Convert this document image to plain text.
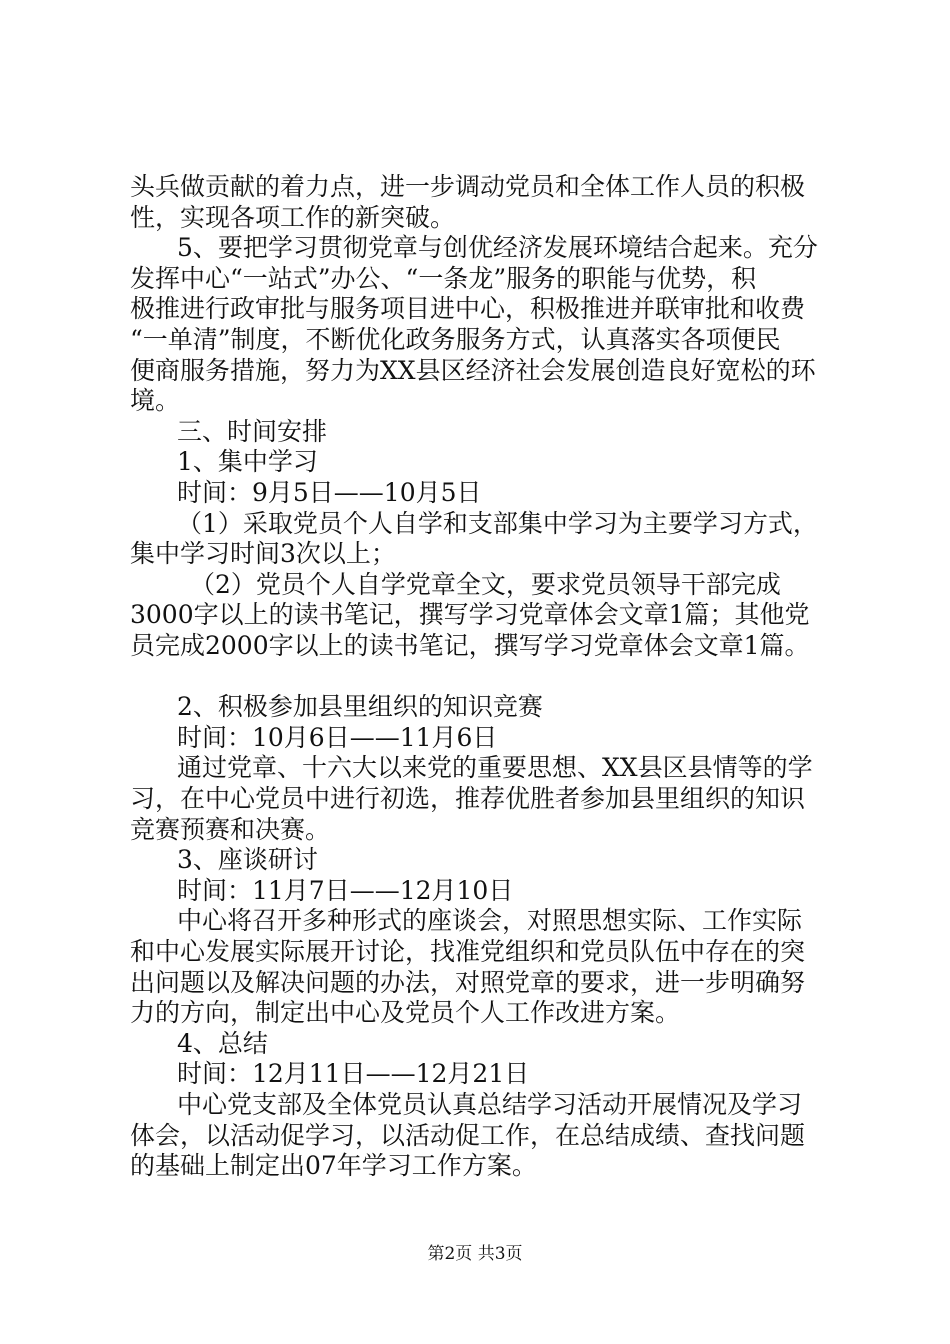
头兵做贡献的着力点，进一步调动党员和全体工作人员的积极
性，实现各项工作的新突破。
5、要把学习贯彻党章与创优经济发展环境结合起来。充分
发挥中心“一站式”办公、“一条龙”服务的职能与优势，积
极推进行政审批与服务项目进中心，积极推进并联审批和收费
“一单清”制度，不断优化政务服务方式，认真落实各项便民
便商服务措施，努力为XX县区经济社会发展创造良好宽松的环
境。
三、时间安排
1、集中学习
时间：9月5日——10月5日
（1）采取党员个人自学和支部集中学习为主要学习方式，
集中学习时间3次以上；
（2）党员个人自学党章全文，要求党员领导干部完成
3000字以上的读书笔记，撰写学习党章体会文章1篇；其他党
员完成2000字以上的读书笔记，撰写学习党章体会文章1篇。
2、积极参加县里组织的知识竞赛
时间：10月6日——11月6日
通过党章、十六大以来党的重要思想、XX县区县情等的学
习，在中心党员中进行初选，推荐优胜者参加县里组织的知识
竞赛预赛和决赛。
3、座谈研讨
时间：11月7日——12月10日
中心将召开多种形式的座谈会，对照思想实际、工作实际
和中心发展实际展开讨论，找准党组织和党员队伍中存在的突
出问题以及解决问题的办法，对照党章的要求，进一步明确努
力的方向，制定出中心及党员个人工作改进方案。
4、总结
时间：12月11日——12月21日
中心党支部及全体党员认真总结学习活动开展情况及学习
体会，以活动促学习，以活动促工作，在总结成绩、查找问题
的基础上制定出07年学习工作方案。
第2页 共3页
